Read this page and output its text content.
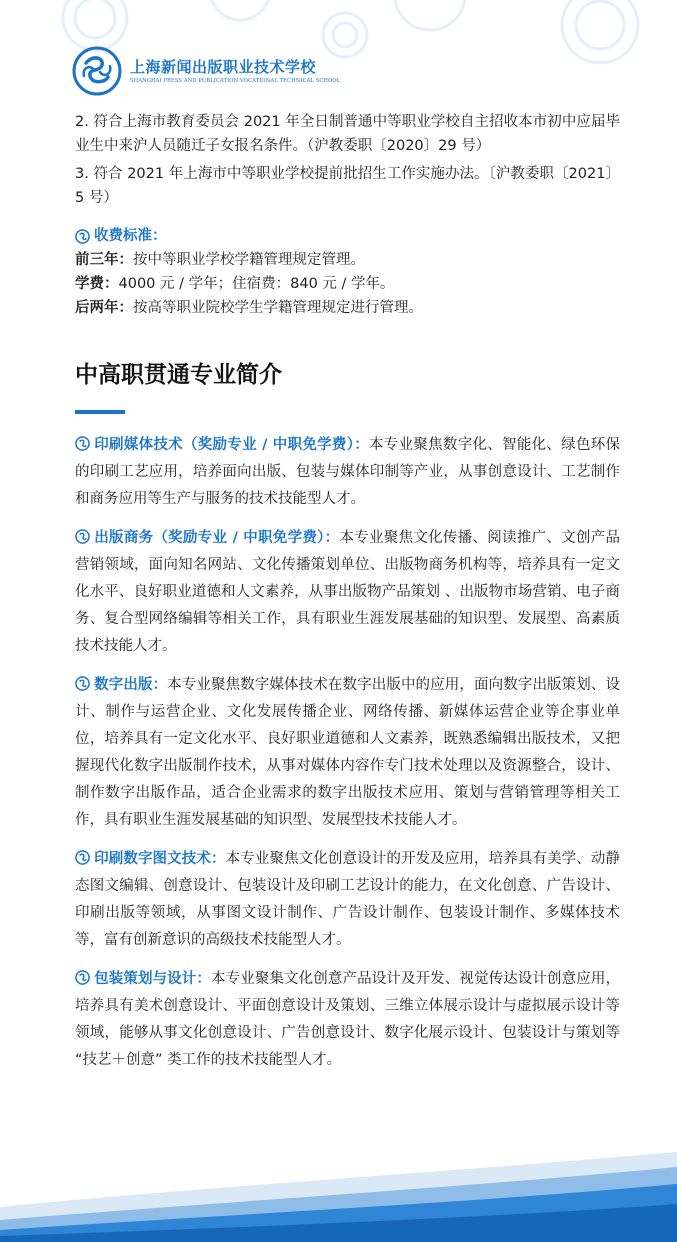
上海新闻出版职业技术学校
SHANGHAI PRESS AND PUBLICATION VOCATIONAL TECHNICAL SCHOOL

2. 符合上海市教育委员会 2021 年全日制普通中等职业学校自主招收本市初中应届毕业生中来沪人员随迁子女报名条件。（沪教委职〔2020〕29 号）

3. 符合 2021 年上海市中等职业学校提前批招生工作实施办法。〔沪教委职〔2021〕5 号）

收费标准：

前三年：按中等职业学校学籍管理规定管理。

学费：4000 元 / 学年；住宿费：840 元 / 学年。

后两年：按高等职业院校学生学籍管理规定进行管理。

中高职贯通专业简介

印刷媒体技术（奖励专业 / 中职免学费）：本专业聚焦数字化、智能化、绿色环保的印刷工艺应用，培养面向出版、包装与媒体印制等产业，从事创意设计、工艺制作和商务应用等生产与服务的技术技能型人才。

出版商务（奖励专业 / 中职免学费）：本专业聚焦文化传播、阅读推广、文创产品营销领域，面向知名网站、文化传播策划单位、出版物商务机构等，培养具有一定文化水平、良好职业道德和人文素养，从事出版物产品策划 、出版物市场营销、电子商务、复合型网络编辑等相关工作，具有职业生涯发展基础的知识型、发展型、高素质技术技能人才。

数字出版：本专业聚焦数字媒体技术在数字出版中的应用，面向数字出版策划、设计、制作与运营企业、文化发展传播企业、网络传播、新媒体运营企业等企事业单位，培养具有一定文化水平、良好职业道德和人文素养，既熟悉编辑出版技术，又把握现代化数字出版制作技术，从事对媒体内容作专门技术处理以及资源整合，设计、制作数字出版作品，适合企业需求的数字出版技术应用、策划与营销管理等相关工作，具有职业生涯发展基础的知识型、发展型技术技能人才。

印刷数字图文技术：本专业聚焦文化创意设计的开发及应用，培养具有美学、动静态图文编辑、创意设计、包装设计及印刷工艺设计的能力，在文化创意、广告设计、印刷出版等领域，从事图文设计制作、广告设计制作、包装设计制作、多媒体技术等，富有创新意识的高级技术技能型人才。

包装策划与设计：本专业聚集文化创意产品设计及开发、视觉传达设计创意应用，培养具有美术创意设计、平面创意设计及策划、三维立体展示设计与虚拟展示设计等领域，能够从事文化创意设计、广告创意设计、数字化展示设计、包装设计与策划等 “技艺＋创意” 类工作的技术技能型人才。
